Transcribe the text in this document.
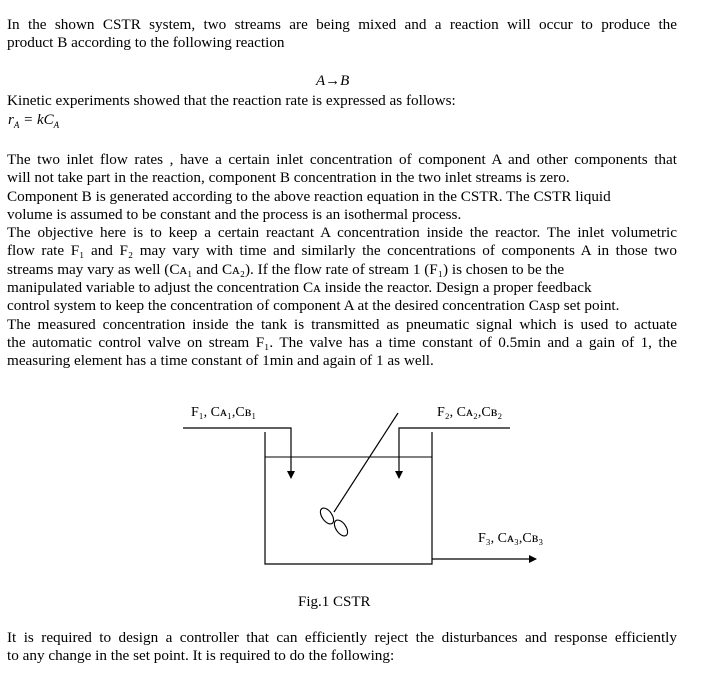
In the shown CSTR system, two streams are being mixed and a reaction will occur to produce the
product B according to the following reaction
A→B
Kinetic experiments showed that the reaction rate is expressed as follows:
$r_A = kC_A$
The two inlet flow rates , have a certain inlet concentration of component A and other components that
will not take part in the reaction, component B concentration in the two inlet streams is zero.
Component B is generated according to the above reaction equation in the CSTR. The CSTR liquid
volume is assumed to be constant and the process is an isothermal process.
The objective here is to keep a certain reactant A concentration inside the reactor. The inlet volumetric
flow rate F₁ and F₂ may vary with time and similarly the concentrations of components A in those two
streams may vary as well (Cᴀ₁ and Cᴀ₂). If the flow rate of stream 1 (F₁) is chosen to be the
manipulated variable to adjust the concentration Cᴀ inside the reactor. Design a proper feedback
control system to keep the concentration of component A at the desired concentration Cᴀsp set point.
The measured concentration inside the tank is transmitted as pneumatic signal which is used to actuate
the automatic control valve on stream F₁. The valve has a time constant of 0.5min and a gain of 1, the
measuring element has a time constant of 1min and again of 1 as well.
F₁, Cᴀ₁,Cʙ₁	F₂, Cᴀ₂,Cʙ₂
F₃, Cᴀ₃,Cʙ₃
Fig.1 CSTR
It is required to design a controller that can efficiently reject the disturbances and response efficiently
to any change in the set point. It is required to do the following:
